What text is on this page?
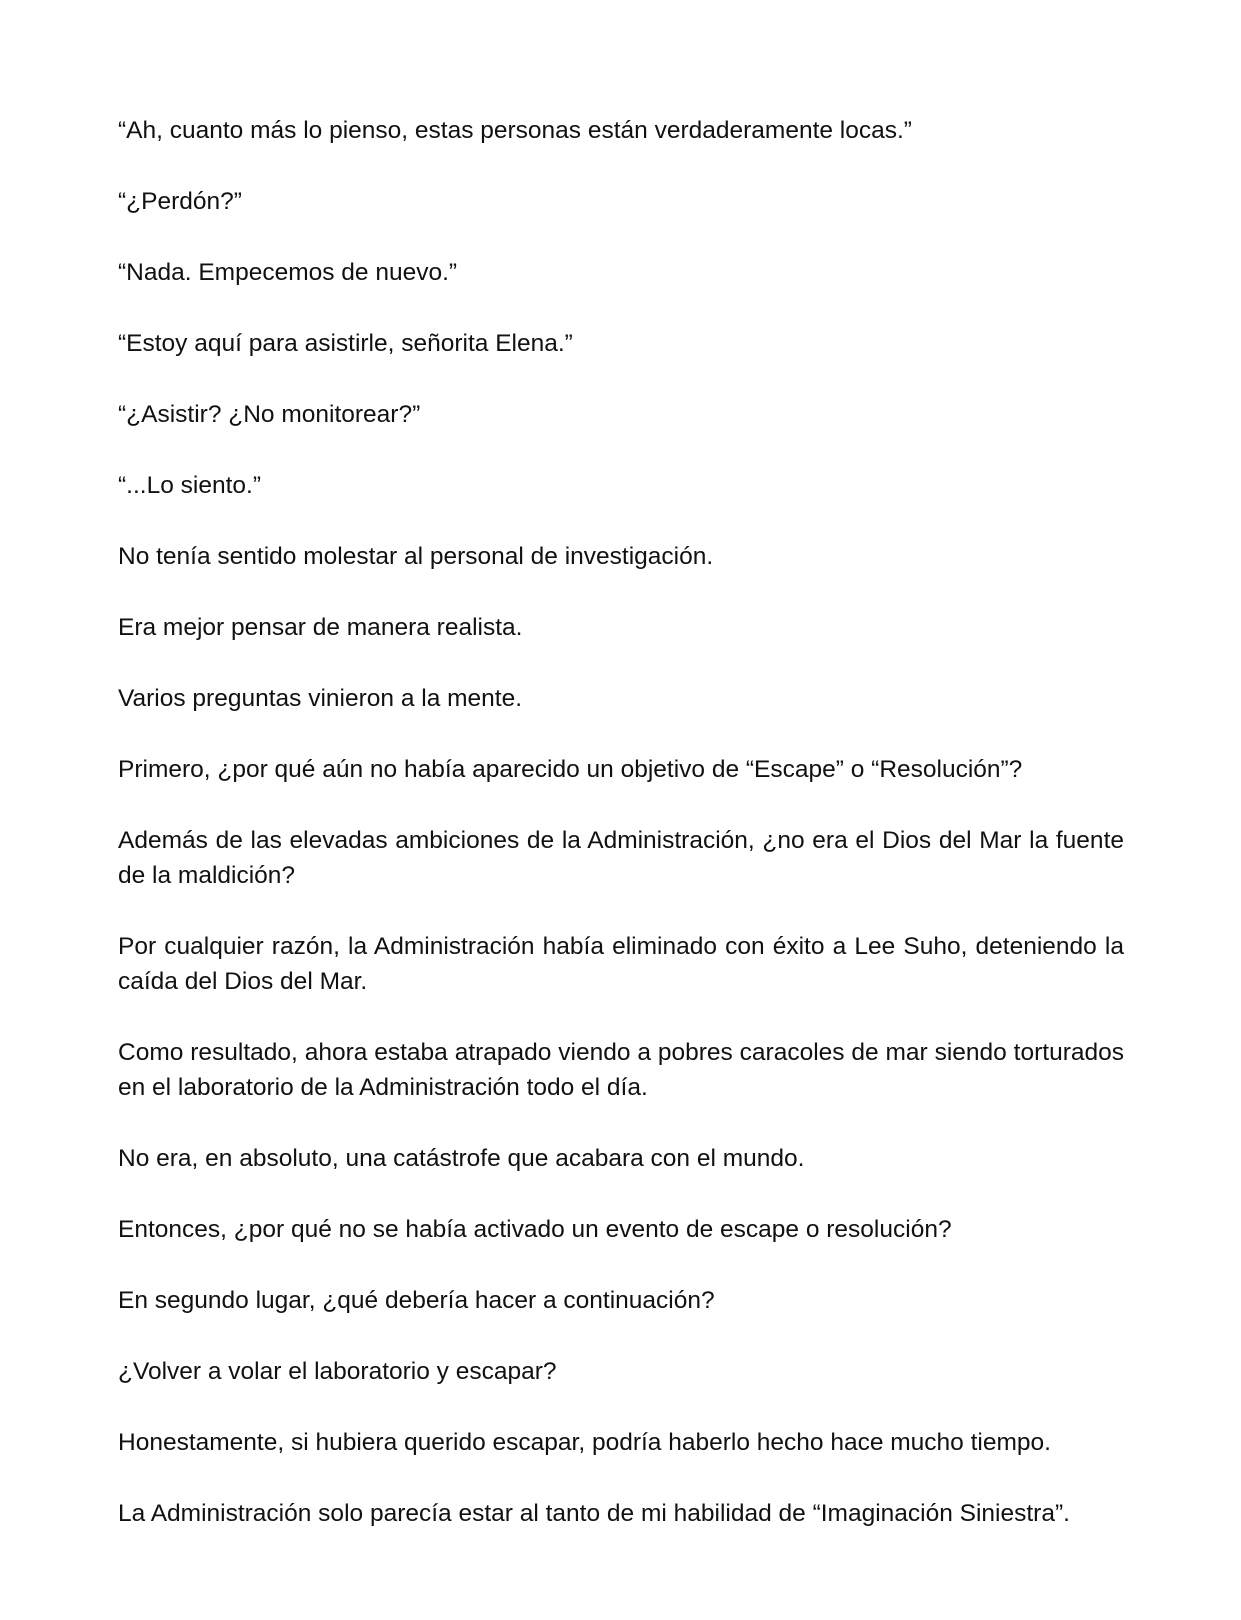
“Ah, cuanto más lo pienso, estas personas están verdaderamente locas.”

“¿Perdón?”

“Nada. Empecemos de nuevo.”

“Estoy aquí para asistirle, señorita Elena.”

“¿Asistir? ¿No monitorear?”

“...Lo siento.”

No tenía sentido molestar al personal de investigación.

Era mejor pensar de manera realista.

Varios preguntas vinieron a la mente.

Primero, ¿por qué aún no había aparecido un objetivo de “Escape” o “Resolución”?

Además de las elevadas ambiciones de la Administración, ¿no era el Dios del Mar la fuente de la maldición?

Por cualquier razón, la Administración había eliminado con éxito a Lee Suho, deteniendo la caída del Dios del Mar.

Como resultado, ahora estaba atrapado viendo a pobres caracoles de mar siendo torturados en el laboratorio de la Administración todo el día.

No era, en absoluto, una catástrofe que acabara con el mundo.

Entonces, ¿por qué no se había activado un evento de escape o resolución?

En segundo lugar, ¿qué debería hacer a continuación?

¿Volver a volar el laboratorio y escapar?

Honestamente, si hubiera querido escapar, podría haberlo hecho hace mucho tiempo.

La Administración solo parecía estar al tanto de mi habilidad de “Imaginación Siniestra”.
